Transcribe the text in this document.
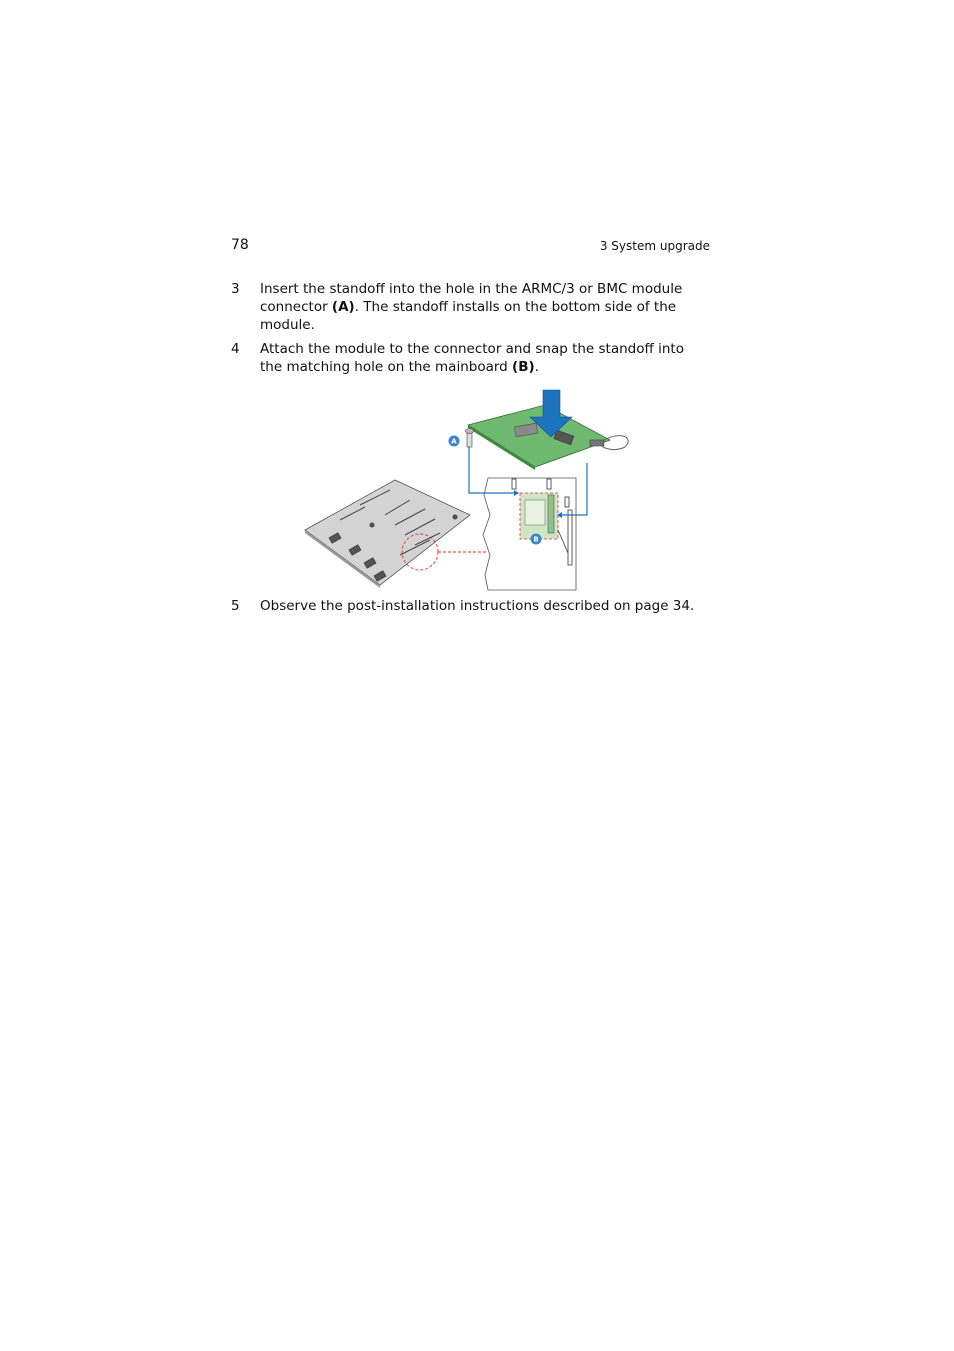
78	3 System upgrade
3 Insert the standoff into the hole in the ARMC/3 or BMC module connector (A). The standoff installs on the bottom side of the module.
4 Attach the module to the connector and snap the standoff into the matching hole on the mainboard (B).
A
B
5 Observe the post-installation instructions described on page 34.
